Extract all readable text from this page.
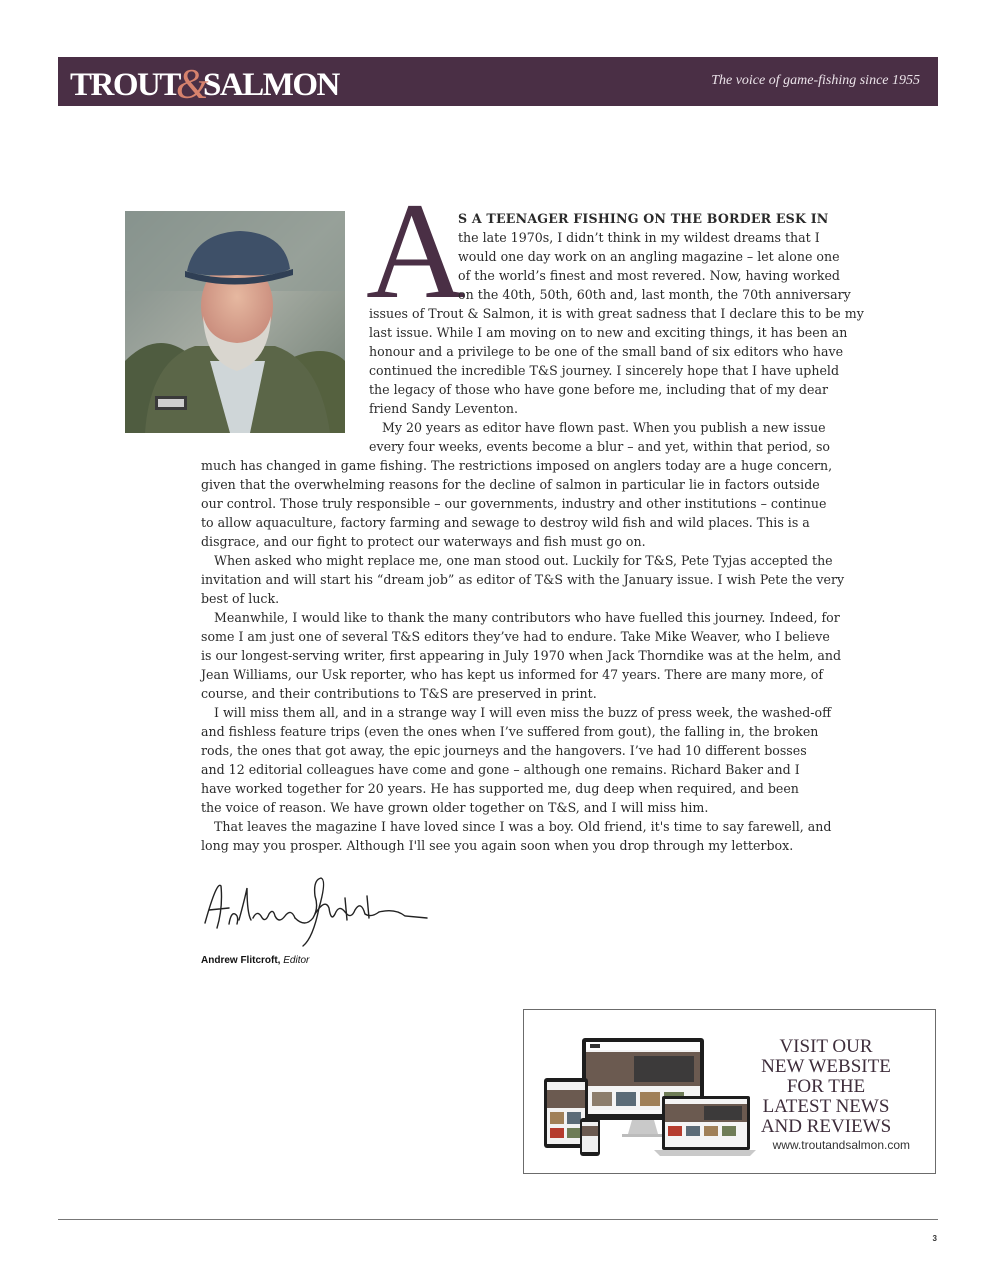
TROUT&SALMON	The voice of game-fishing since 1955
A

S A TEENAGER FISHING ON THE BORDER ESK IN

the late 1970s, I didn’t think in my wildest dreams that I

would one day work on an angling magazine – let alone one

of the world’s finest and most revered. Now, having worked

on the 40th, 50th, 60th and, last month, the 70th anniversary

issues of Trout & Salmon, it is with great sadness that I declare this to be my

last issue. While I am moving on to new and exciting things, it has been an

honour and a privilege to be one of the small band of six editors who have

continued the incredible T&S journey. I sincerely hope that I have upheld

the legacy of those who have gone before me, including that of my dear

friend Sandy Leventon.

My 20 years as editor have flown past. When you publish a new issue

every four weeks, events become a blur – and yet, within that period, so

much has changed in game fishing. The restrictions imposed on anglers today are a huge concern,

given that the overwhelming reasons for the decline of salmon in particular lie in factors outside

our control. Those truly responsible – our governments, industry and other institutions – continue

to allow aquaculture, factory farming and sewage to destroy wild fish and wild places. This is a

disgrace, and our fight to protect our waterways and fish must go on.

When asked who might replace me, one man stood out. Luckily for T&S, Pete Tyjas accepted the

invitation and will start his “dream job” as editor of T&S with the January issue. I wish Pete the very

best of luck.

Meanwhile, I would like to thank the many contributors who have fuelled this journey. Indeed, for

some I am just one of several T&S editors they’ve had to endure. Take Mike Weaver, who I believe

is our longest-serving writer, first appearing in July 1970 when Jack Thorndike was at the helm, and

Jean Williams, our Usk reporter, who has kept us informed for 47 years. There are many more, of

course, and their contributions to T&S are preserved in print.

I will miss them all, and in a strange way I will even miss the buzz of press week, the washed-off

and fishless feature trips (even the ones when I’ve suffered from gout), the falling in, the broken

rods, the ones that got away, the epic journeys and the hangovers. I’ve had 10 different bosses

and 12 editorial colleagues have come and gone – although one remains. Richard Baker and I

have worked together for 20 years. He has supported me, dug deep when required, and been

the voice of reason. We have grown older together on T&S, and I will miss him.

That leaves the magazine I have loved since I was a boy. Old friend, it's time to say farewell, and

long may you prosper. Although I'll see you again soon when you drop through my letterbox.

Andrew Flitcroft, Editor
VISIT OUR
NEW WEBSITE
FOR THE
LATEST NEWS
AND REVIEWS
www.troutandsalmon.com
3
